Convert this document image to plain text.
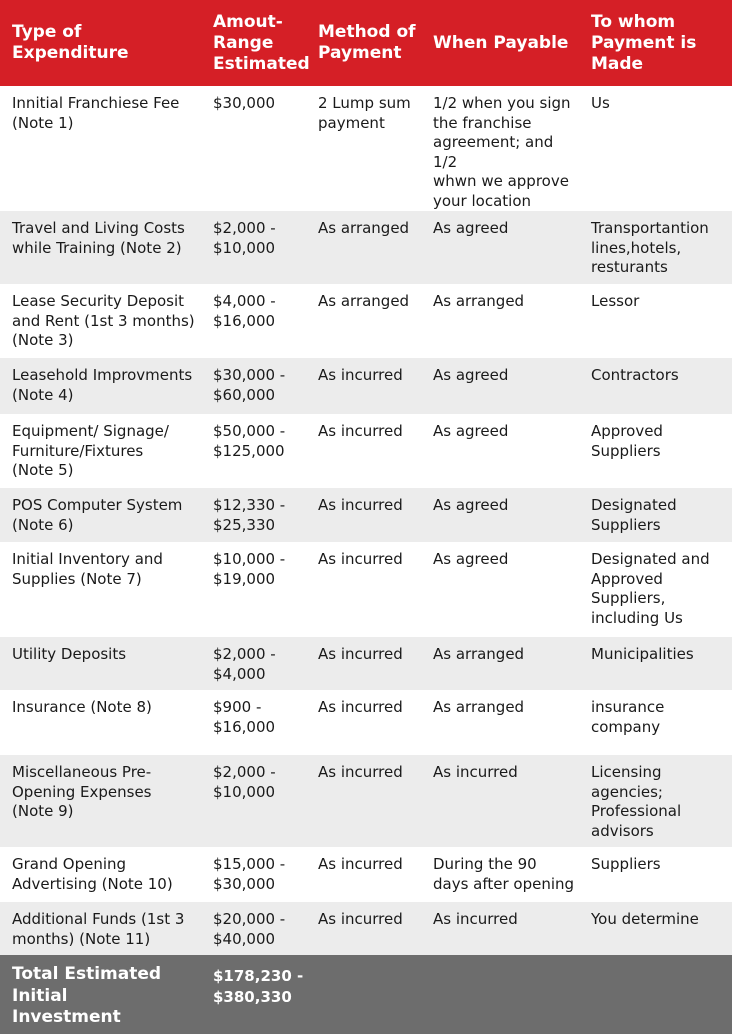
Type of Expenditure	Amout-
Range
Estimated	Method of
Payment	When Payable	To whom
Payment is
Made
Innitial Franchiese Fee
(Note 1)	$30,000	2 Lump sum
payment	1/2 when you sign
the franchise
agreement; and 1/2
whwn we approve
your location	Us
Travel and Living Costs
while Training (Note 2)	$2,000 -
$10,000	As arranged	As agreed	Transportantion
lines,hotels,
resturants
Lease Security Deposit
and Rent (1st 3 months)
(Note 3)	$4,000 -
$16,000	As arranged	As arranged	Lessor
Leasehold Improvments
(Note 4)	$30,000 -
$60,000	As incurred	As agreed	Contractors
Equipment/ Signage/
Furniture/Fixtures
(Note 5)	$50,000 -
$125,000	As incurred	As agreed	Approved
Suppliers
POS Computer System
(Note 6)	$12,330 -
$25,330	As incurred	As agreed	Designated
Suppliers
Initial Inventory and
Supplies (Note 7)	$10,000 -
$19,000	As incurred	As agreed	Designated and
Approved
Suppliers,
including Us
Utility Deposits	$2,000 -
$4,000	As incurred	As arranged	Municipalities
Insurance (Note 8)	$900 -
$16,000	As incurred	As arranged	insurance
company
Miscellaneous Pre-
Opening Expenses
(Note 9)	$2,000 -
$10,000	As incurred	As incurred	Licensing
agencies;
Professional
advisors
Grand Opening
Advertising (Note 10)	$15,000 -
$30,000	As incurred	During the 90
days after opening	Suppliers
Additional Funds (1st 3
months) (Note 11)	$20,000 -
$40,000	As incurred	As incurred	You determine
Total Estimated
Initial
Investment	$178,230 -
$380,330			
